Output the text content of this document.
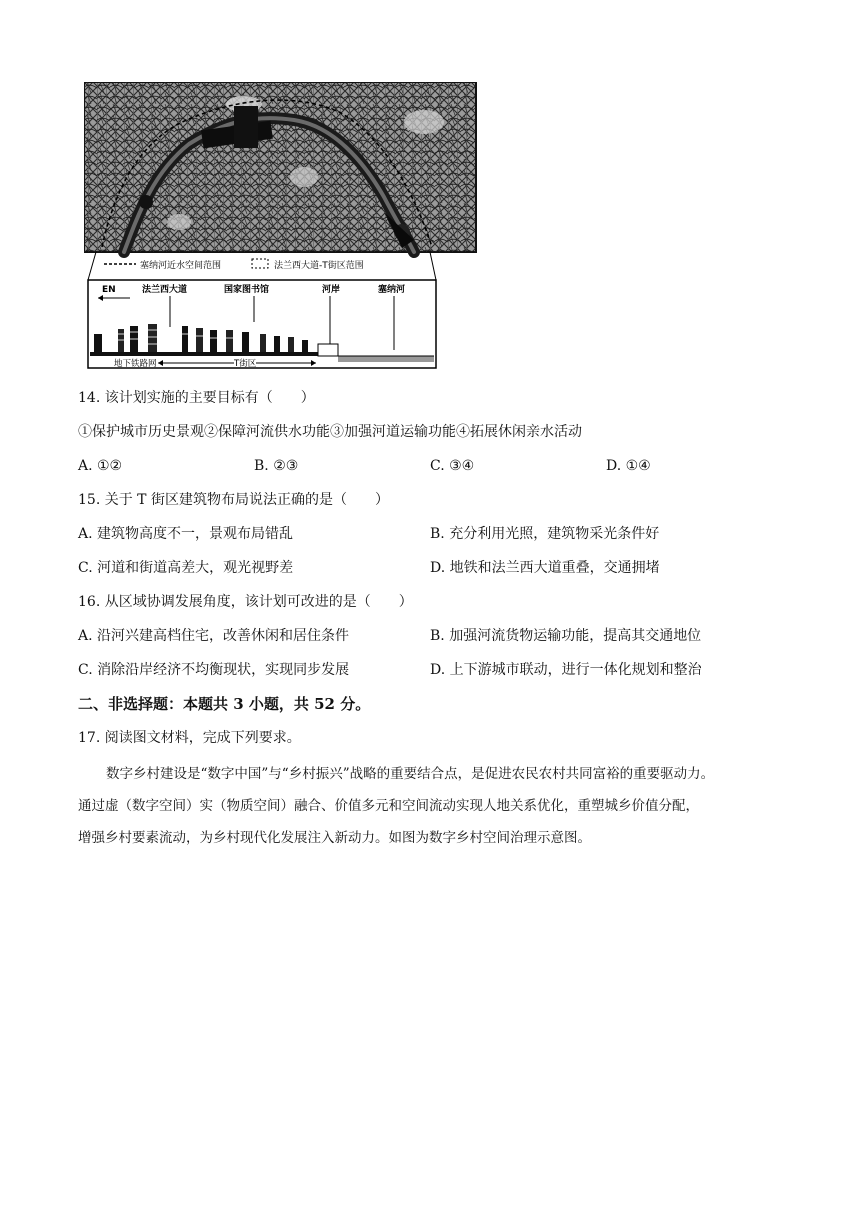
塞纳河近水空间范围	法兰西大道-T街区范围
EN	法兰西大道	国家图书馆	河岸	塞纳河
地下铁路网	T街区
14. 该计划实施的主要目标有（　　）
①保护城市历史景观②保障河流供水功能③加强河道运输功能④拓展休闲亲水活动
A. ①②	B. ②③	C. ③④	D. ①④
15. 关于 T 街区建筑物布局说法正确的是（　　）
A. 建筑物高度不一，景观布局错乱	B. 充分利用光照，建筑物采光条件好
C. 河道和街道高差大，观光视野差	D. 地铁和法兰西大道重叠，交通拥堵
16. 从区域协调发展角度，该计划可改进的是（　　）
A. 沿河兴建高档住宅，改善休闲和居住条件	B. 加强河流货物运输功能，提高其交通地位
C. 消除沿岸经济不均衡现状，实现同步发展	D. 上下游城市联动，进行一体化规划和整治
二、非选择题：本题共 3 小题，共 52 分。
17. 阅读图文材料，完成下列要求。
数字乡村建设是“数字中国”与“乡村振兴”战略的重要结合点，是促进农民农村共同富裕的重要驱动力。
通过虚（数字空间）实（物质空间）融合、价值多元和空间流动实现人地关系优化，重塑城乡价值分配，
增强乡村要素流动，为乡村现代化发展注入新动力。如图为数字乡村空间治理示意图。
